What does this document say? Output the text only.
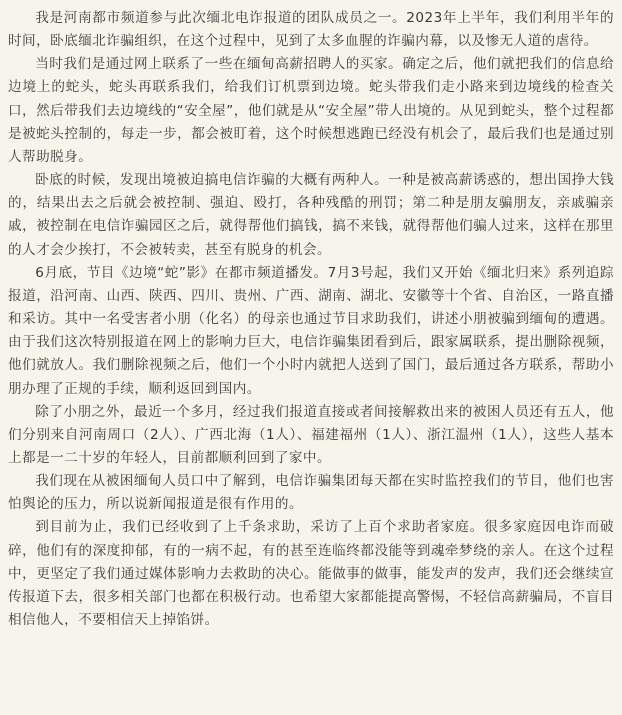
我是河南都市频道参与此次缅北电诈报道的团队成员之一。2023年上半年，我们利用半年的时间，卧底缅北诈骗组织，在这个过程中，见到了太多血腥的诈骗内幕，以及惨无人道的虐待。

当时我们是通过网上联系了一些在缅甸高薪招聘人的买家。确定之后，他们就把我们的信息给边境上的蛇头，蛇头再联系我们，给我们订机票到边境。蛇头带我们走小路来到边境线的检查关口，然后带我们去边境线的“安全屋”，他们就是从“安全屋”带人出境的。从见到蛇头，整个过程都是被蛇头控制的，每走一步，都会被盯着，这个时候想逃跑已经没有机会了，最后我们也是通过别人帮助脱身。

卧底的时候，发现出境被迫搞电信诈骗的大概有两种人。一种是被高薪诱惑的，想出国挣大钱的，结果出去之后就会被控制、强迫、殴打，各种残酷的刑罚；第二种是朋友骗朋友，亲戚骗亲戚，被控制在电信诈骗园区之后，就得帮他们搞钱，搞不来钱，就得帮他们骗人过来，这样在那里的人才会少挨打，不会被转卖，甚至有脱身的机会。

6月底，节目《边境“蛇”影》在都市频道播发。7月3号起，我们又开始《缅北归来》系列追踪报道，沿河南、山西、陕西、四川、贵州、广西、湖南、湖北、安徽等十个省、自治区，一路直播和采访。其中一名受害者小朋（化名）的母亲也通过节目求助我们，讲述小朋被骗到缅甸的遭遇。由于我们这次特别报道在网上的影响力巨大，电信诈骗集团看到后，跟家属联系，提出删除视频，他们就放人。我们删除视频之后，他们一个小时内就把人送到了国门，最后通过各方联系，帮助小朋办理了正规的手续，顺利返回到国内。

除了小朋之外，最近一个多月，经过我们报道直接或者间接解救出来的被困人员还有五人，他们分别来自河南周口（2人）、广西北海（1人）、福建福州（1人）、浙江温州（1人），这些人基本上都是一二十岁的年轻人，目前都顺利回到了家中。

我们现在从被困缅甸人员口中了解到，电信诈骗集团每天都在实时监控我们的节目，他们也害怕舆论的压力，所以说新闻报道是很有作用的。

到目前为止，我们已经收到了上千条求助，采访了上百个求助者家庭。很多家庭因电诈而破碎，他们有的深度抑郁，有的一病不起，有的甚至连临终都没能等到魂牵梦绕的亲人。在这个过程中，更坚定了我们通过媒体影响力去救助的决心。能做事的做事，能发声的发声，我们还会继续宣传报道下去，很多相关部门也都在积极行动。也希望大家都能提高警惕，不轻信高薪骗局，不盲目相信他人，不要相信天上掉馅饼。
